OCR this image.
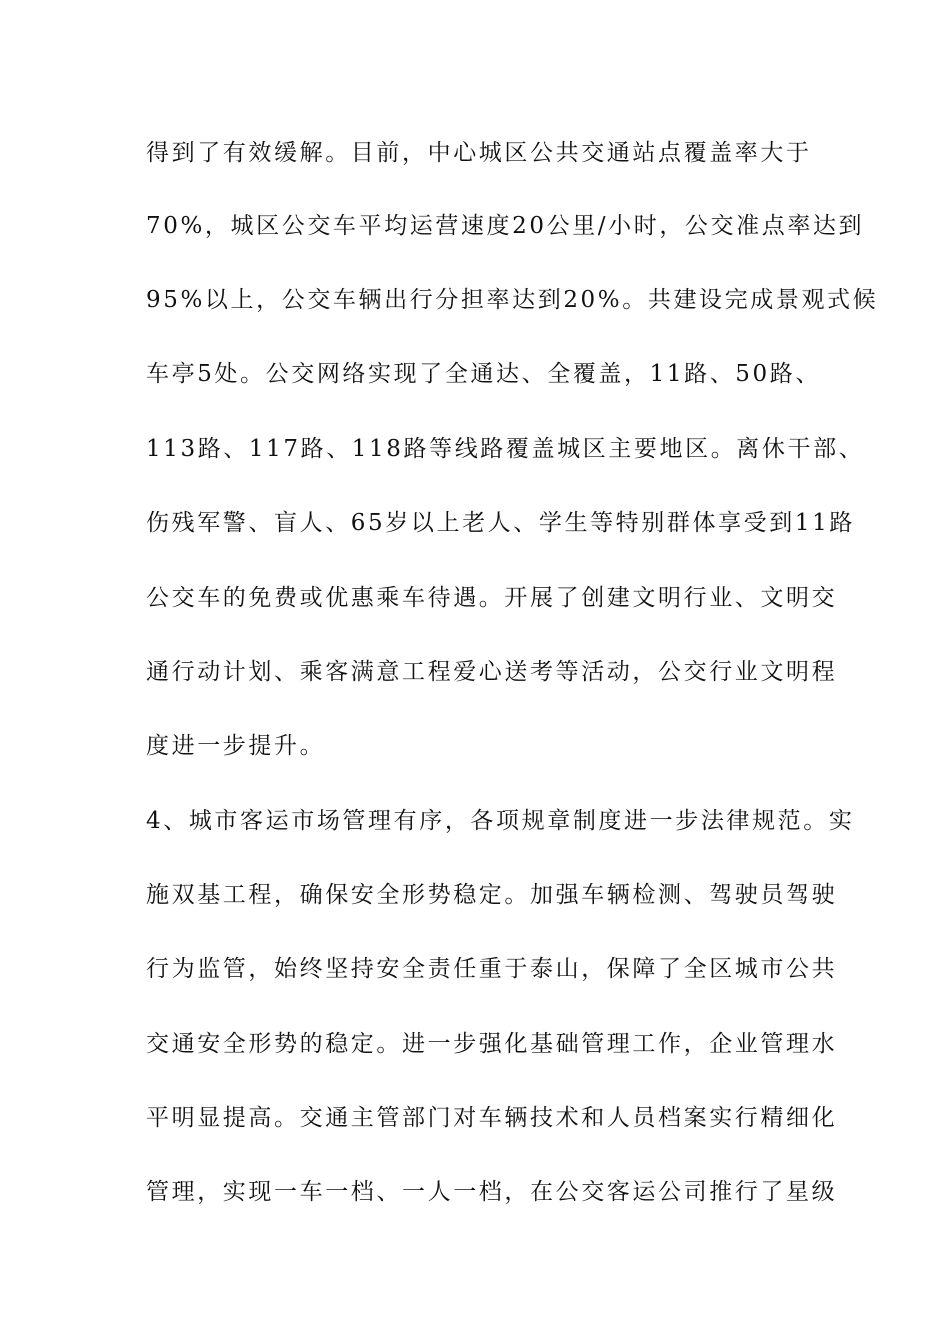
得到了有效缓解。目前，中心城区公共交通站点覆盖率大于
70%，城区公交车平均运营速度20公里/小时，公交准点率达到
95%以上，公交车辆出行分担率达到20%。共建设完成景观式候
车亭5处。公交网络实现了全通达、全覆盖，11路、50路、
113路、117路、118路等线路覆盖城区主要地区。离休干部、
伤残军警、盲人、65岁以上老人、学生等特别群体享受到11路
公交车的免费或优惠乘车待遇。开展了创建文明行业、文明交
通行动计划、乘客满意工程爱心送考等活动，公交行业文明程
度进一步提升。
4、城市客运市场管理有序，各项规章制度进一步法律规范。实
施双基工程，确保安全形势稳定。加强车辆检测、驾驶员驾驶
行为监管，始终坚持安全责任重于泰山，保障了全区城市公共
交通安全形势的稳定。进一步强化基础管理工作，企业管理水
平明显提高。交通主管部门对车辆技术和人员档案实行精细化
管理，实现一车一档、一人一档，在公交客运公司推行了星级
